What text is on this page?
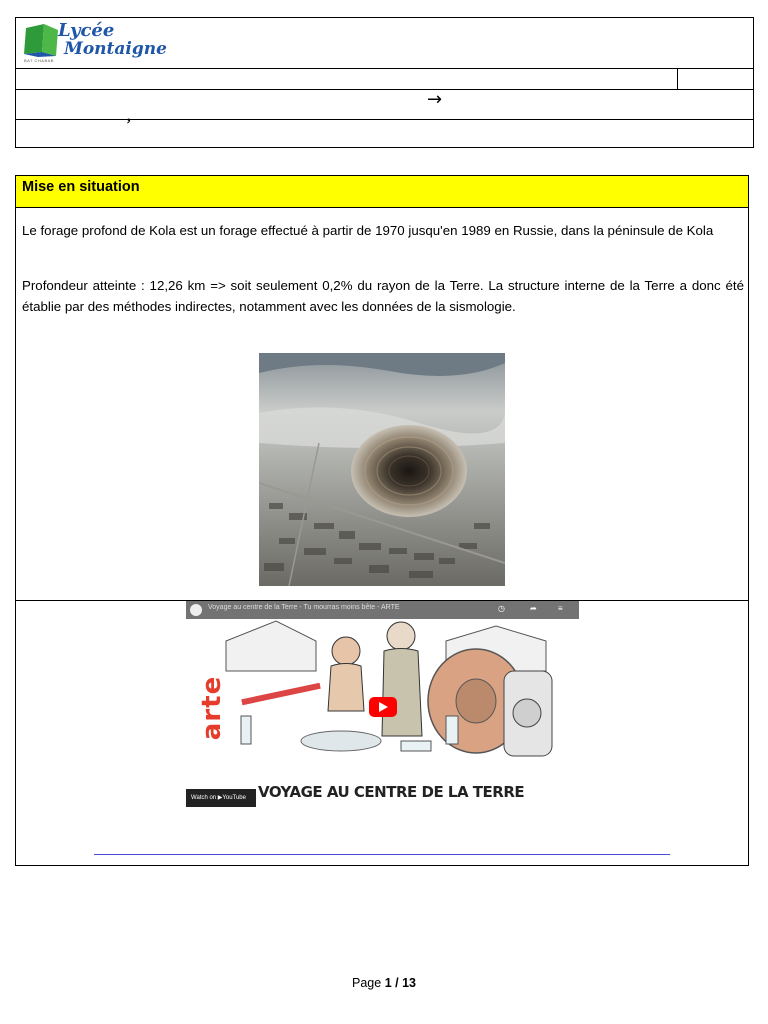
Lycée
Montaigne
BAT CHABAB
→
’
Mise en situation

Le forage profond de Kola est un forage effectué à partir de 1970 jusqu'en 1989 en Russie, dans la péninsule de Kola

Profondeur atteinte : 12,26 km => soit seulement 0,2% du rayon de la Terre. La structure interne de la Terre a donc été établie par des méthodes indirectes, notamment avec les données de la sismologie.

Voyage au centre de la Terre - Tu mourras moins bête - ARTE	◷	➦	≡
arte
Watch on ▶YouTube VOYAGE AU CENTRE DE LA TERRE
Page 1 / 13
